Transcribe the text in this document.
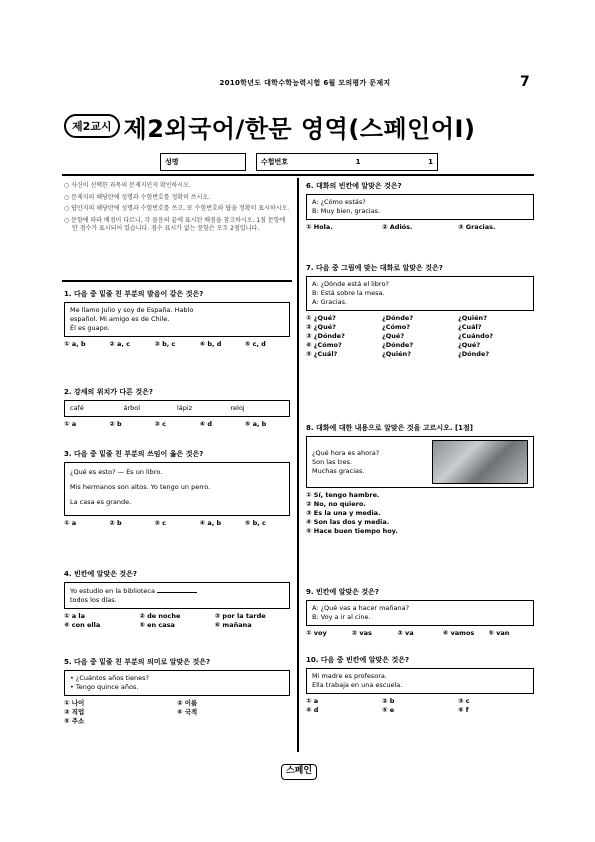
2010학년도 대학수학능력시험 6월 모의평가 문제지	7
제2교시 제2외국어/한문 영역(스페인어Ⅰ)
성명	수험번호	1	1
○ 자신이 선택한 과목의 문제지인지 확인하시오.
○ 문제지의 해당란에 성명과 수험번호를 정확히 쓰시오.
○ 답안지의 해당란에 성명과 수험번호를 쓰고, 또 수험번호와 답을 정확히 표시하시오.
○ 문항에 따라 배점이 다르니, 각 물음의 끝에 표시된 배점을 참고하시오. 1점 문항에만 점수가 표시되어 있습니다. 점수 표시가 없는 문항은 모두 2점입니다.
1. 다음 중 밑줄 친 부분의 발음이 같은 것은?
Me llamo Julio y soy de España. Hablo
español. Mi amigo es de Chile.
Él es guapo.
① a, b	② a, c	③ b, c	④ b, d	⑤ c, d
2. 강세의 위치가 다른 것은?
café	árbol	lápiz	reloj
① a	② b	③ c	④ d	⑤ a, b
3. 다음 중 밑줄 친 부분의 쓰임이 옳은 것은?
¿Qué es esto? — Es un libro.
Mis hermanos son altos. Yo tengo un perro.
La casa es grande.
① a	② b	③ c	④ a, b	⑤ b, c
4. 빈칸에 알맞은 것은?
Yo estudio en la biblioteca
todos los días.
① a la	② de noche	③ por la tarde
④ con ella	⑤ en casa	⑥ mañana
5. 다음 중 밑줄 친 부분의 의미로 알맞은 것은?
• ¿Cuántos años tienes?
• Tengo quince años.
① 나이	② 이름
③ 직업	④ 국적
⑤ 주소
6. 대화의 빈칸에 알맞은 것은?
A: ¿Cómo estás?
B: Muy bien, gracias.
① Hola.	② Adiós.	③ Gracias.
7. 다음 중 그림에 맞는 대화로 알맞은 것은?
A: ¿Dónde está el libro?
B: Está sobre la mesa.
A: Gracias.
① ¿Qué?	¿Dónde?	¿Quién?
② ¿Qué?	¿Cómo?	¿Cuál?
③ ¿Dónde?	¿Qué?	¿Cuándo?
④ ¿Cómo?	¿Dónde?	¿Qué?
⑤ ¿Cuál?	¿Quién?	¿Dónde?
8. 대화에 대한 내용으로 알맞은 것을 고르시오. [1점]
¿Qué hora es ahora?
Son las tres.
Muchas gracias.
① Sí, tengo hambre.
② No, no quiero.
③ Es la una y media.
④ Son las dos y media.
⑤ Hace buen tiempo hoy.
9. 빈칸에 알맞은 것은?
A: ¿Qué vas a hacer mañana?
B: Voy a ir al cine.
① voy	② vas	③ va	④ vamos	⑤ van
10. 다음 중 빈칸에 알맞은 것은?
Mi madre es profesora.
Ella trabaja en una escuela.
① a	② b	③ c
④ d	⑤ e	⑥ f
스페인
